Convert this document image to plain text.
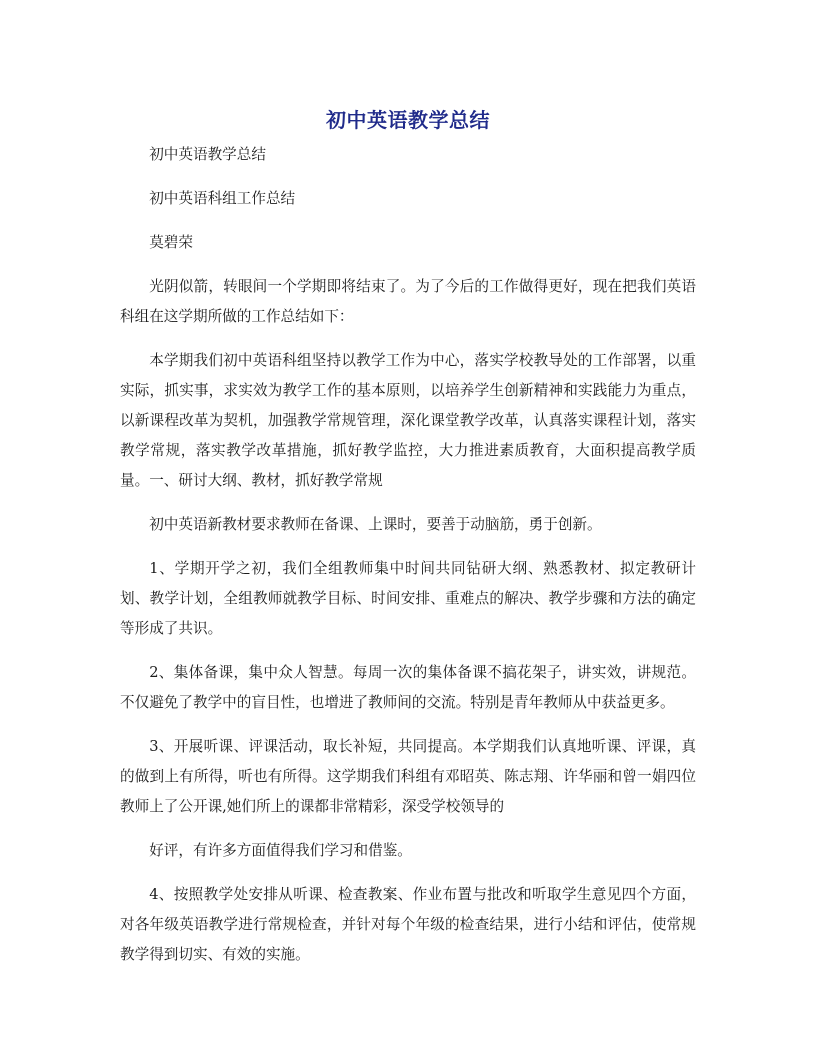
初中英语教学总结

初中英语教学总结

初中英语科组工作总结

莫碧荣

光阴似箭，转眼间一个学期即将结束了。为了今后的工作做得更好，现在把我们英语科组在这学期所做的工作总结如下：

本学期我们初中英语科组坚持以教学工作为中心，落实学校教导处的工作部署，以重实际，抓实事，求实效为教学工作的基本原则，以培养学生创新精神和实践能力为重点，以新课程改革为契机，加强教学常规管理，深化课堂教学改革，认真落实课程计划，落实教学常规，落实教学改革措施，抓好教学监控，大力推进素质教育，大面积提高教学质量。一、研讨大纲、教材，抓好教学常规

初中英语新教材要求教师在备课、上课时，要善于动脑筋，勇于创新。

1、学期开学之初，我们全组教师集中时间共同钻研大纲、熟悉教材、拟定教研计划、教学计划，全组教师就教学目标、时间安排、重难点的解决、教学步骤和方法的确定等形成了共识。

2、集体备课，集中众人智慧。每周一次的集体备课不搞花架子，讲实效，讲规范。不仅避免了教学中的盲目性，也增进了教师间的交流。特别是青年教师从中获益更多。

3、开展听课、评课活动，取长补短，共同提高。本学期我们认真地听课、评课，真的做到上有所得，听也有所得。这学期我们科组有邓昭英、陈志翔、许华丽和曾一娟四位教师上了公开课,她们所上的课都非常精彩，深受学校领导的

好评，有许多方面值得我们学习和借鉴。

4、按照教学处安排从听课、检查教案、作业布置与批改和听取学生意见四个方面，对各年级英语教学进行常规检查，并针对每个年级的检查结果，进行小结和评估，使常规教学得到切实、有效的实施。
